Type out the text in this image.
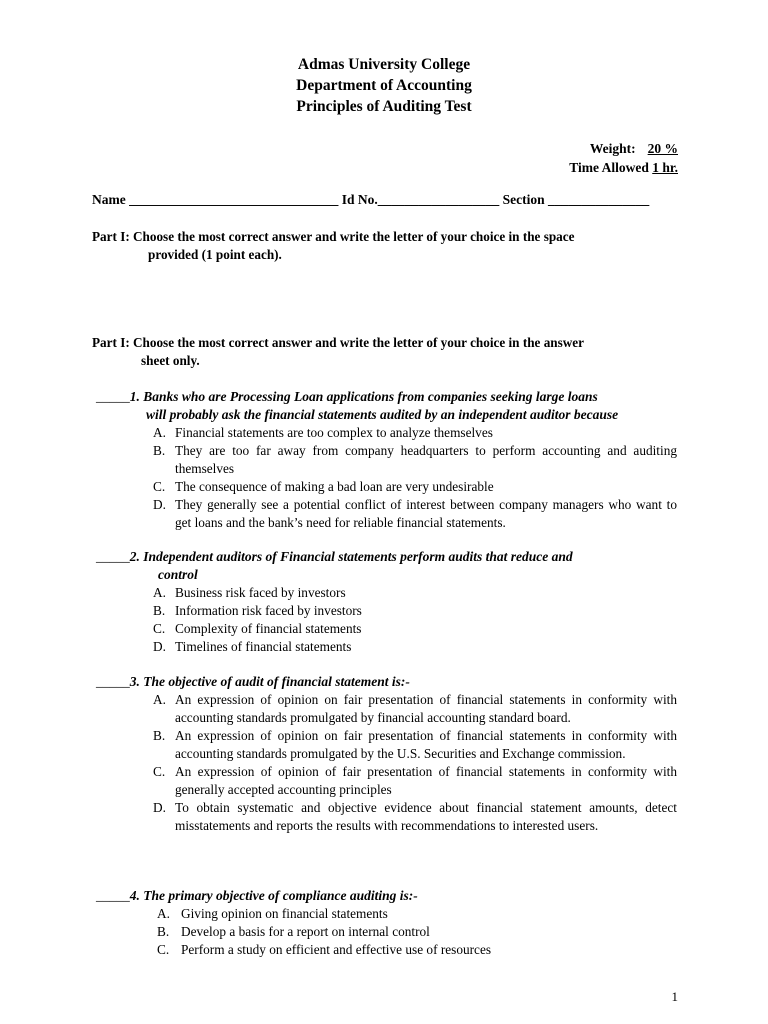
Admas University College
Department of Accounting
Principles of Auditing Test
Weight: 20 %
Time Allowed 1 hr.
Name _______________________________ Id No.__________________ Section _______________
Part I: Choose the most correct answer and write the letter of your choice in the space
provided (1 point each).
Part I: Choose the most correct answer and write the letter of your choice in the answer
sheet only.
_____1. Banks who are Processing Loan applications from companies seeking large loans
will probably ask the financial statements audited by an independent auditor because
A. Financial statements are too complex to analyze themselves
B. They are too far away from company headquarters to perform accounting and auditing themselves
C. The consequence of making a bad loan are very undesirable
D. They generally see a potential conflict of interest between company managers who want to get loans and the bank’s need for reliable financial statements.
_____2. Independent auditors of Financial statements perform audits that reduce and
control
A. Business risk faced by investors
B. Information risk faced by investors
C. Complexity of financial statements
D. Timelines of financial statements
_____3. The objective of audit of financial statement is:-
A. An expression of opinion on fair presentation of financial statements in conformity with accounting standards promulgated by financial accounting standard board.
B. An expression of opinion on fair presentation of financial statements in conformity with accounting standards promulgated by the U.S. Securities and Exchange commission.
C. An expression of opinion of fair presentation of financial statements in conformity with generally accepted accounting principles
D. To obtain systematic and objective evidence about financial statement amounts, detect misstatements and reports the results with recommendations to interested users.
_____4. The primary objective of compliance auditing is:-
A. Giving opinion on financial statements
B. Develop a basis for a report on internal control
C. Perform a study on efficient and effective use of resources
1
